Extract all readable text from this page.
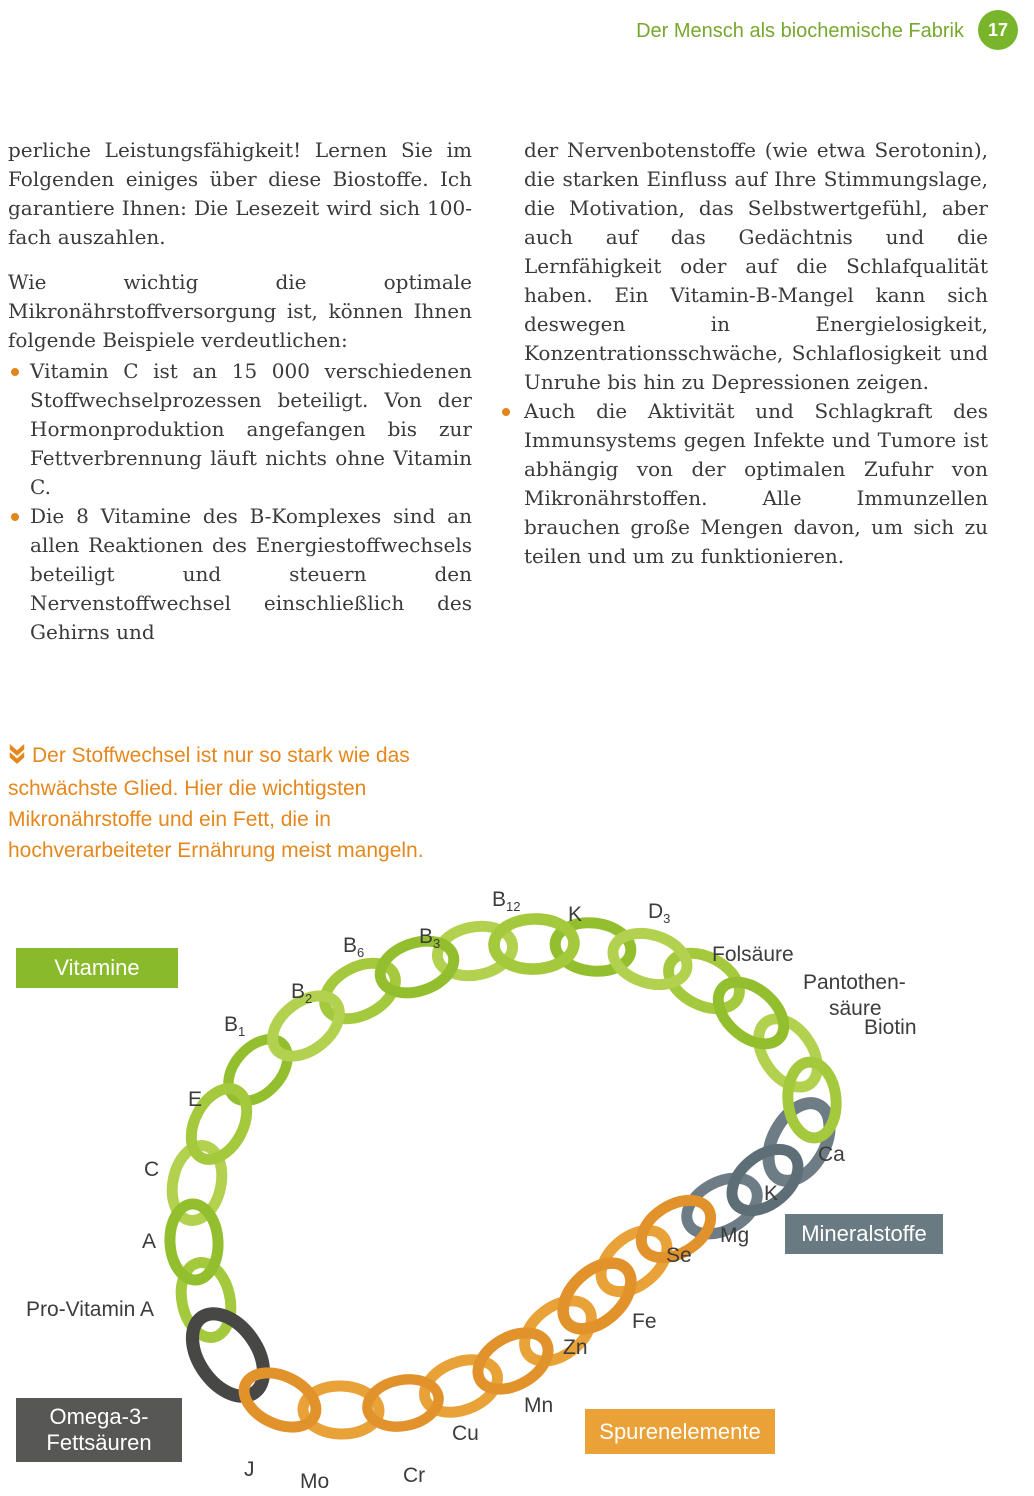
Der Mensch als biochemische Fabrik	17

perliche Leistungsfähigkeit! Lernen Sie im Folgenden einiges über diese Biostoffe. Ich garantiere Ihnen: Die Lesezeit wird sich 100-fach auszahlen.

Wie wichtig die optimale Mikronährstoffversorgung ist, können Ihnen folgende Beispiele verdeutlichen:

Vitamin C ist an 15 000 verschiedenen Stoffwechselprozessen beteiligt. Von der Hormonproduktion angefangen bis zur Fettverbrennung läuft nichts ohne Vitamin C.
Die 8 Vitamine des B-Komplexes sind an allen Reaktionen des Energiestoffwechsels beteiligt und steuern den Nervenstoffwechsel einschließlich des Gehirns und
der Nervenbotenstoffe (wie etwa Serotonin), die starken Einfluss auf Ihre Stimmungslage, die Motivation, das Selbstwertgefühl, aber auch auf das Gedächtnis und die Lernfähigkeit oder auf die Schlafqualität haben. Ein Vitamin-B-Mangel kann sich deswegen in Energielosigkeit, Konzentrationsschwäche, Schlaflosigkeit und Unruhe bis hin zu Depressionen zeigen.
Auch die Aktivität und Schlagkraft des Immunsystems gegen Infekte und Tumore ist abhängig von der optimalen Zufuhr von Mikronährstoffen. Alle Immunzellen brauchen große Mengen davon, um sich zu teilen und um zu funktionieren.
Der Stoffwechsel ist nur so stark wie das schwächste Glied. Hier die wichtigsten Mikronährstoffe und ein Fett, die in hochverarbeiteter Ernährung meist mangeln.
$B_{12}$ K	$D_3$
$B_3$
$B_6$	Folsäure
$B_2$
Pantothen-
säure
$B_1$	Biotin
E
C
Ca
K
A	Mg
Se
Pro-Vitamin A
Fe
Zn
Mn
Cu
Cr
Mo
J
Vitamine
Mineralstoffe
Spurenelemente
Omega-3- Fettsäuren
